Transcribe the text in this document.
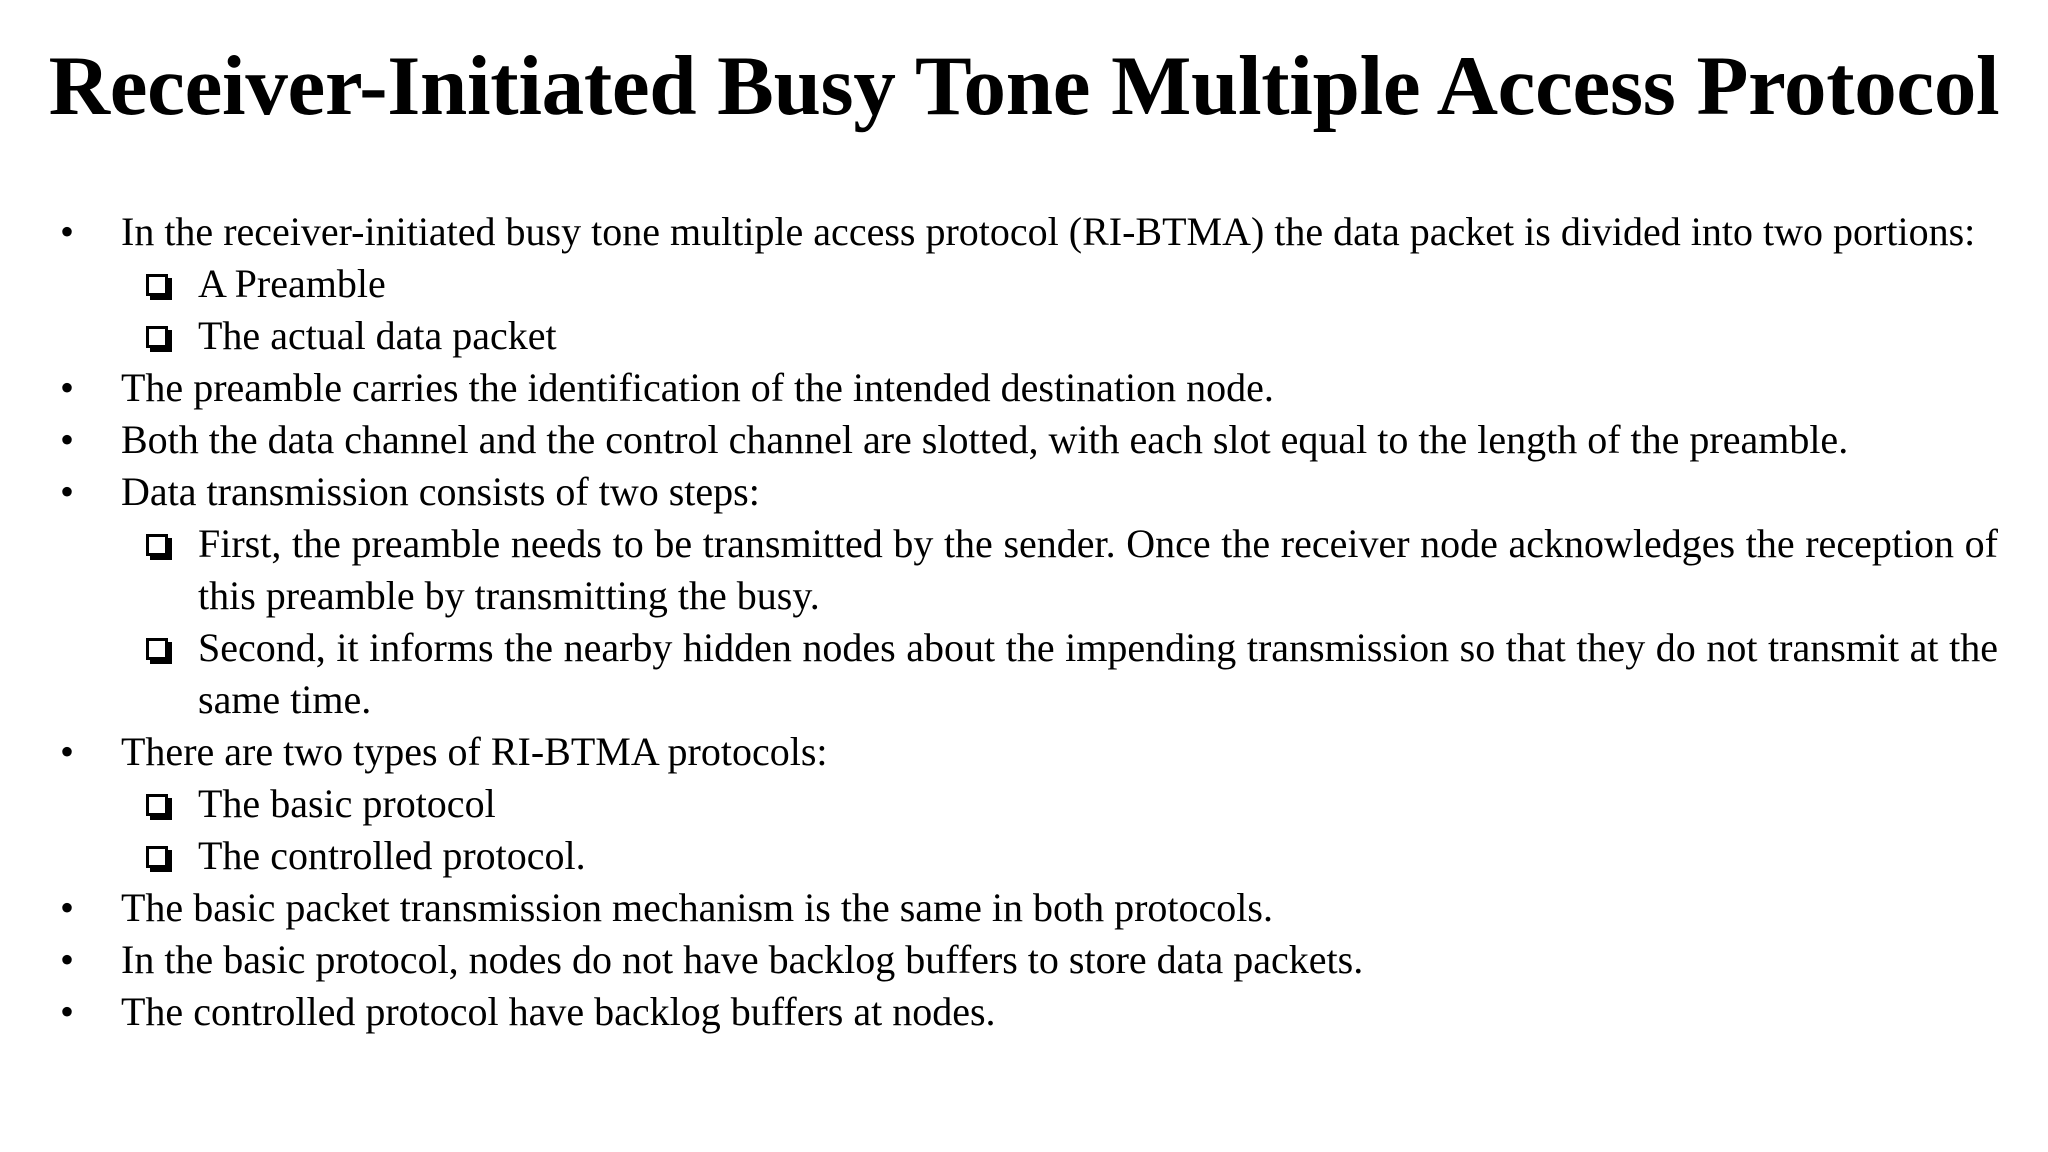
Receiver-Initiated Busy Tone Multiple Access Protocol
• In the receiver-initiated busy tone multiple access protocol (RI-BTMA) the data packet is divided into two portions:
A Preamble
The actual data packet
• The preamble carries the identification of the intended destination node.
• Both the data channel and the control channel are slotted, with each slot equal to the length of the preamble.
• Data transmission consists of two steps:
First, the preamble needs to be transmitted by the sender. Once the receiver node acknowledges the reception of this preamble by transmitting the busy.
Second, it informs the nearby hidden nodes about the impending transmission so that they do not transmit at the same time.
• There are two types of RI-BTMA protocols:
The basic protocol
The controlled protocol.
• The basic packet transmission mechanism is the same in both protocols.
• In the basic protocol, nodes do not have backlog buffers to store data packets.
• The controlled protocol have backlog buffers at nodes.
